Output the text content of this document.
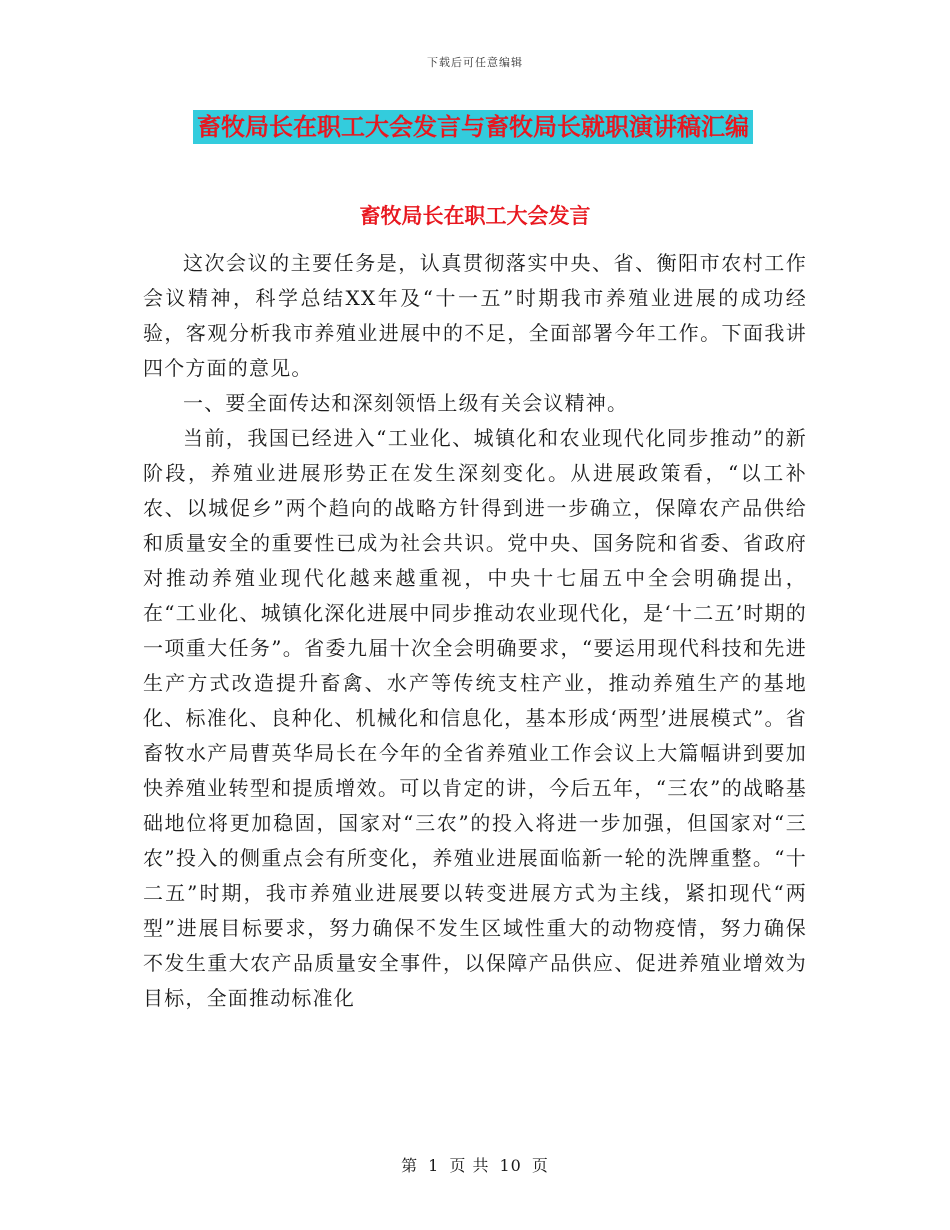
下载后可任意编辑
畜牧局长在职工大会发言与畜牧局长就职演讲稿汇编
畜牧局长在职工大会发言

这次会议的主要任务是，认真贯彻落实中央、省、衡阳市农村工作会议精神，科学总结XX年及“十一五”时期我市养殖业进展的成功经验，客观分析我市养殖业进展中的不足，全面部署今年工作。下面我讲四个方面的意见。

一、要全面传达和深刻领悟上级有关会议精神。

当前，我国已经进入“工业化、城镇化和农业现代化同步推动”的新阶段，养殖业进展形势正在发生深刻变化。从进展政策看，“以工补农、以城促乡”两个趋向的战略方针得到进一步确立，保障农产品供给和质量安全的重要性已成为社会共识。党中央、国务院和省委、省政府对推动养殖业现代化越来越重视，中央十七届五中全会明确提出，在“工业化、城镇化深化进展中同步推动农业现代化，是‘十二五’时期的一项重大任务”。省委九届十次全会明确要求，“要运用现代科技和先进生产方式改造提升畜禽、水产等传统支柱产业，推动养殖生产的基地化、标准化、良种化、机械化和信息化，基本形成‘两型’进展模式”。省畜牧水产局曹英华局长在今年的全省养殖业工作会议上大篇幅讲到要加快养殖业转型和提质增效。可以肯定的讲，今后五年，“三农”的战略基础地位将更加稳固，国家对“三农”的投入将进一步加强，但国家对“三农”投入的侧重点会有所变化，养殖业进展面临新一轮的洗牌重整。“十二五”时期，我市养殖业进展要以转变进展方式为主线，紧扣现代“两型”进展目标要求，努力确保不发生区域性重大的动物疫情，努力确保不发生重大农产品质量安全事件，以保障产品供应、促进养殖业增效为目标，全面推动标准化

第 1 页 共 10 页
